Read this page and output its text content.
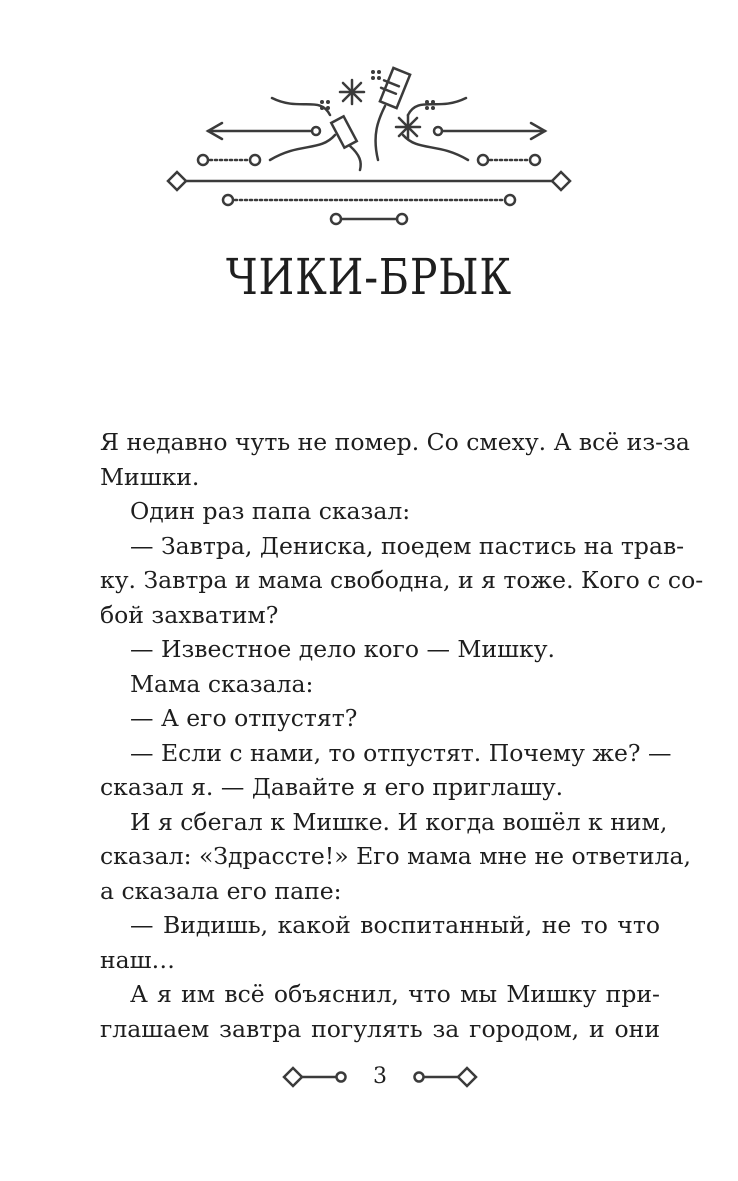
ЧИКИ-БРЫК
Я недавно чуть не помер. Со смеху. А всё из-за
Мишки.
Один раз папа сказал:
— Завтра, Дениска, поедем пастись на трав-
ку. Завтра и мама свободна, и я тоже. Кого с со-
бой захватим?
— Известное дело кого — Мишку.
Мама сказала:
— А его отпустят?
— Если с нами, то отпустят. Почему же? —
сказал я. — Давайте я его приглашу.
И я сбегал к Мишке. И когда вошёл к ним,
сказал: «Здрассте!» Его мама мне не ответила,
а сказала его папе:
— Видишь, какой воспитанный, не то что
наш…
А я им всё объяснил, что мы Мишку при-
глашаем завтра погулять за городом, и они
3
